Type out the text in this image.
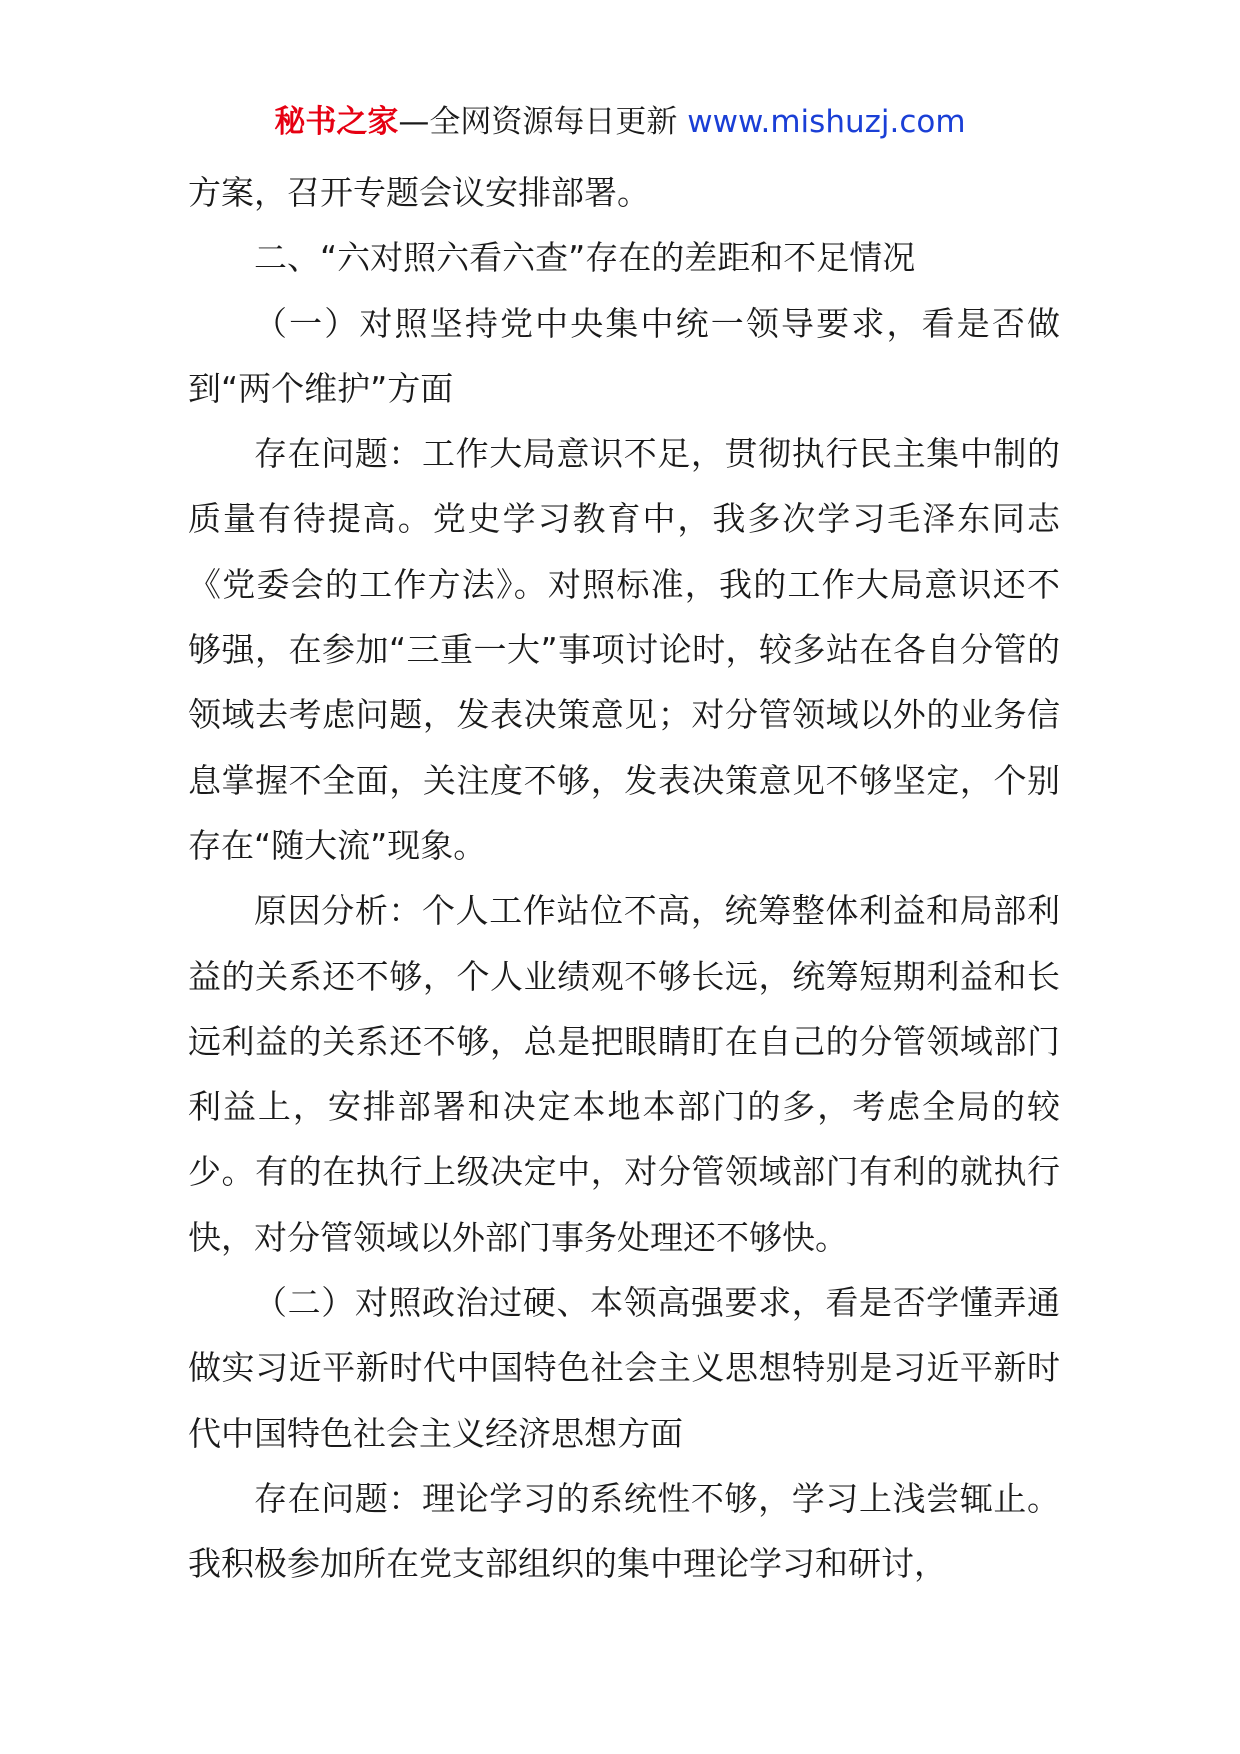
秘书之家—全网资源每日更新 www.mishuzj.com

方案，召开专题会议安排部署。

二、“六对照六看六查”存在的差距和不足情况

（一）对照坚持党中央集中统一领导要求，看是否做到“两个维护”方面

存在问题：工作大局意识不足，贯彻执行民主集中制的质量有待提高。党史学习教育中，我多次学习毛泽东同志《党委会的工作方法》。对照标准，我的工作大局意识还不够强，在参加“三重一大”事项讨论时，较多站在各自分管的领域去考虑问题，发表决策意见；对分管领域以外的业务信息掌握不全面，关注度不够，发表决策意见不够坚定，个别存在“随大流”现象。

原因分析：个人工作站位不高，统筹整体利益和局部利益的关系还不够，个人业绩观不够长远，统筹短期利益和长远利益的关系还不够，总是把眼睛盯在自己的分管领域部门利益上，安排部署和决定本地本部门的多，考虑全局的较少。有的在执行上级决定中，对分管领域部门有利的就执行快，对分管领域以外部门事务处理还不够快。

（二）对照政治过硬、本领高强要求，看是否学懂弄通做实习近平新时代中国特色社会主义思想特别是习近平新时代中国特色社会主义经济思想方面

存在问题：理论学习的系统性不够，学习上浅尝辄止。我积极参加所在党支部组织的集中理论学习和研讨，
